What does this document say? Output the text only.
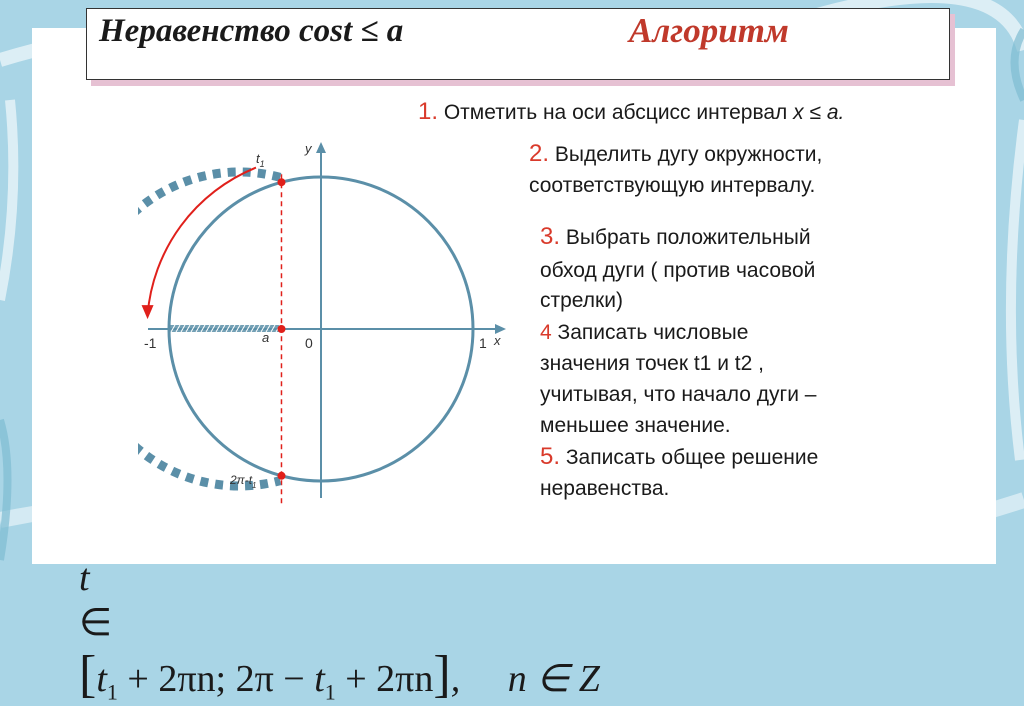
Неравенство cost ≤ a	Алгоритм
1. Отметить на оси абсцисс интервал x ≤ a.
2. Выделить дугу окружности,
соответствующую интервалу.
3. Выбрать положительный
обход дуги ( против часовой
стрелки)
4 Записать числовые
значения точек t1 и t2 ,
учитывая, что начало дуги –
меньшее значение.
5. Записать общее решение
неравенства.
y
x
0
-1	1
a
$t_1$
$2\pi-t_1$

t
∈
[$t_1 + 2\pi n$; $2\pi - t_1 + 2\pi n$],     n ∈ Z
